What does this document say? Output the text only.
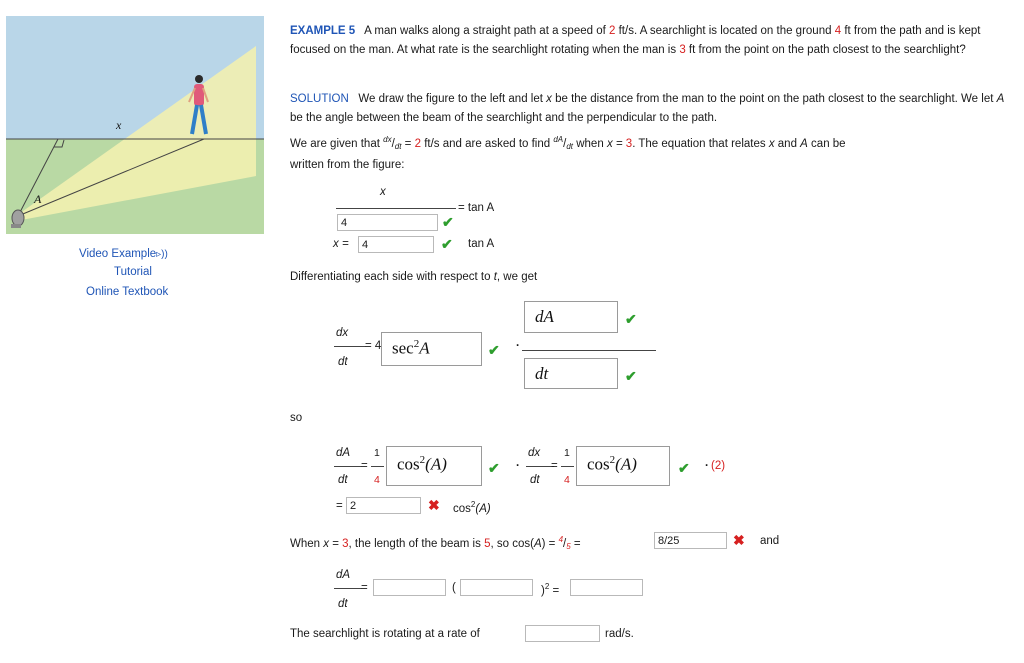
x
A
Video Example▹))
Tutorial
Online Textbook
EXAMPLE 5 A man walks along a straight path at a speed of 2 ft/s. A searchlight is located on the ground 4 ft from the path and is kept focused on the man. At what rate is the searchlight rotating when the man is 3 ft from the point on the path closest to the searchlight?
SOLUTION We draw the figure to the left and let x be the distance from the man to the point on the path closest to the searchlight. We let A be the angle between the beam of the searchlight and the perpendicular to the path.
We are given that $^{dx}$/dt = 2 ft/s and are asked to find $^{dA}$/dt when x = 3. The equation that relates x and A can be
written from the figure:
x
= tan A
4
✔
x =
4	✔ tan A
Differentiating each side with respect to t, we get
dx
dt
= 4 $\sec^2A$	✔ ·
dA	✔
dt	✔
so
dA
dt
=
1
4
$\cos^2(A)$	✔ ·
dx
dt
=
1
4
$\cos^2(A)$	✔ · (2)
=
2	✖ $\cos^2(A)$
When x = 3, the length of the beam is 5, so cos(A) = $^4$/5 =
8/25	✖ and
dA
dt
=	(	)$^2$ =
The searchlight is rotating at a rate of	rad/s.
